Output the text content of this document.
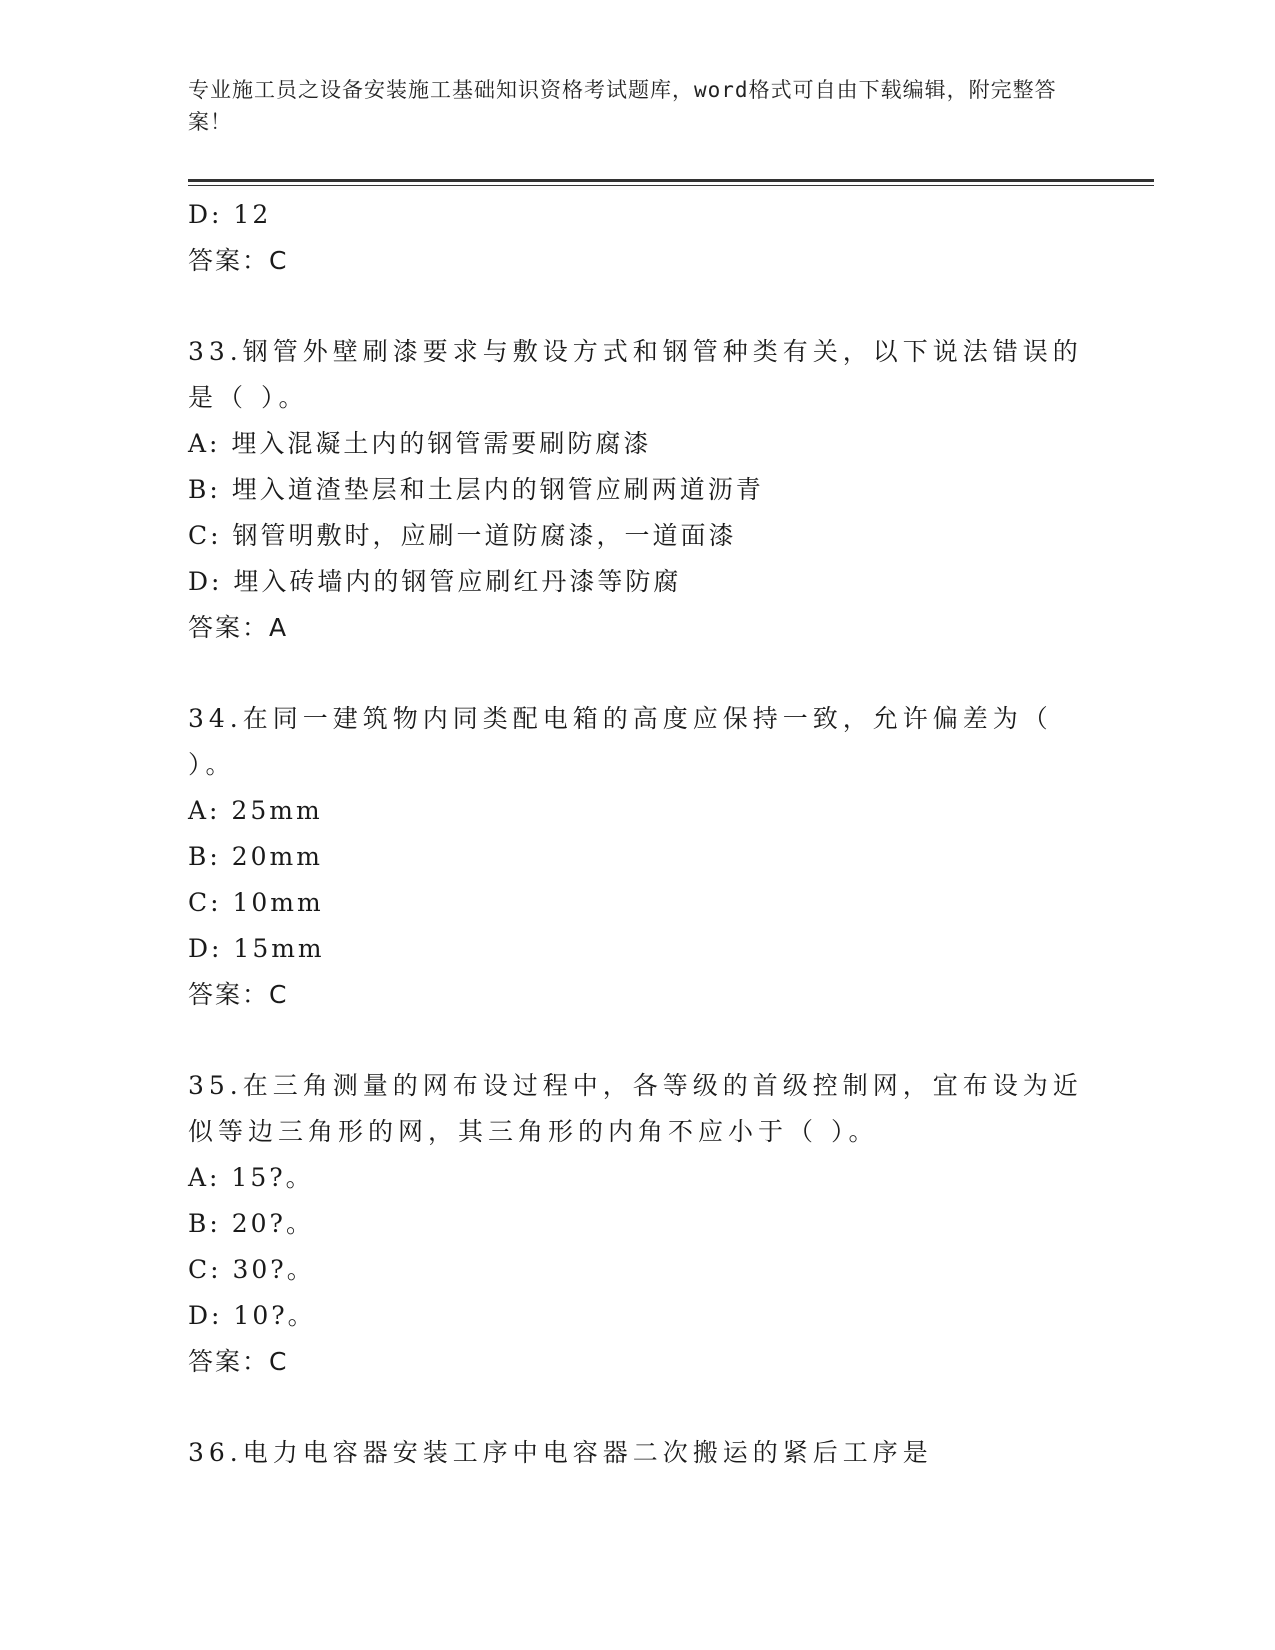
专业施工员之设备安装施工基础知识资格考试题库，word格式可自由下载编辑，附完整答案！
D: 12
答案：C
33.钢管外壁刷漆要求与敷设方式和钢管种类有关，以下说法错误的是（ ）。
A: 埋入混凝土内的钢管需要刷防腐漆
B: 埋入道渣垫层和土层内的钢管应刷两道沥青
C: 钢管明敷时，应刷一道防腐漆，一道面漆
D: 埋入砖墙内的钢管应刷红丹漆等防腐
答案：A
34.在同一建筑物内同类配电箱的高度应保持一致，允许偏差为（ ）。
A: 25mm
B: 20mm
C: 10mm
D: 15mm
答案：C
35.在三角测量的网布设过程中，各等级的首级控制网，宜布设为近似等边三角形的网，其三角形的内角不应小于（ ）。
A: 15?。
B: 20?。
C: 30?。
D: 10?。
答案：C
36.电力电容器安装工序中电容器二次搬运的紧后工序是
